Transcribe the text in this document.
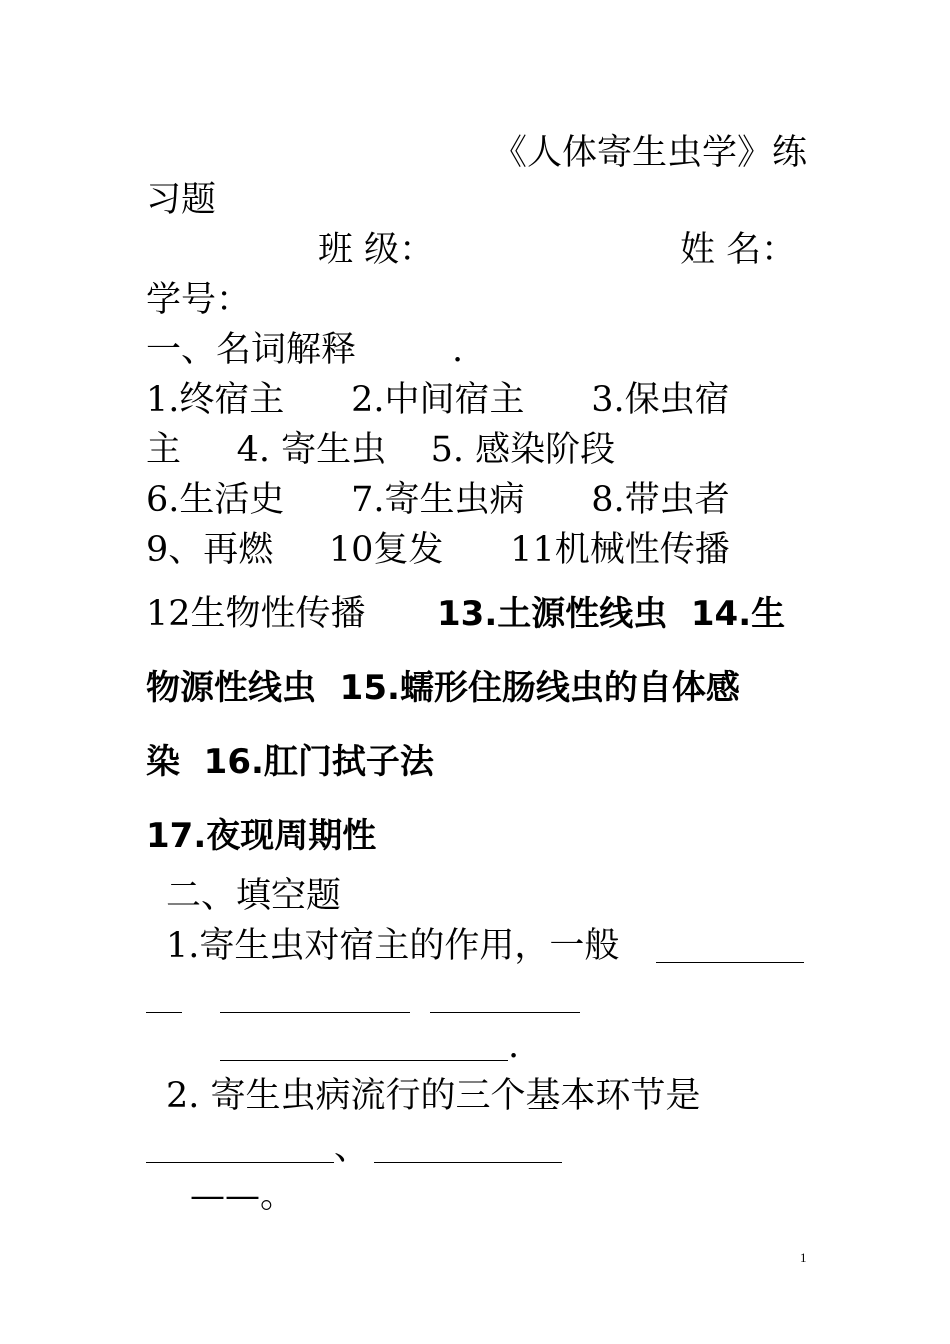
《人体寄生虫学》练
习题
班 级：	姓 名：
学号：
一、名词解释	.
1.终宿主      2.中间宿主      3.保虫宿
主     4. 寄生虫    5. 感染阶段
6.生活史      7.寄生虫病      8.带虫者
9、再燃     10复发      11机械性传播
12生物性传播 13.土源性线虫  14.生
物源性线虫  15.蠕形住肠线虫的自体感
染  16.肛门拭子法
17.夜现周期性
二、填空题
1.寄生虫对宿主的作用，一般
.
2. 寄生虫病流行的三个基本环节是
、
——。
1
